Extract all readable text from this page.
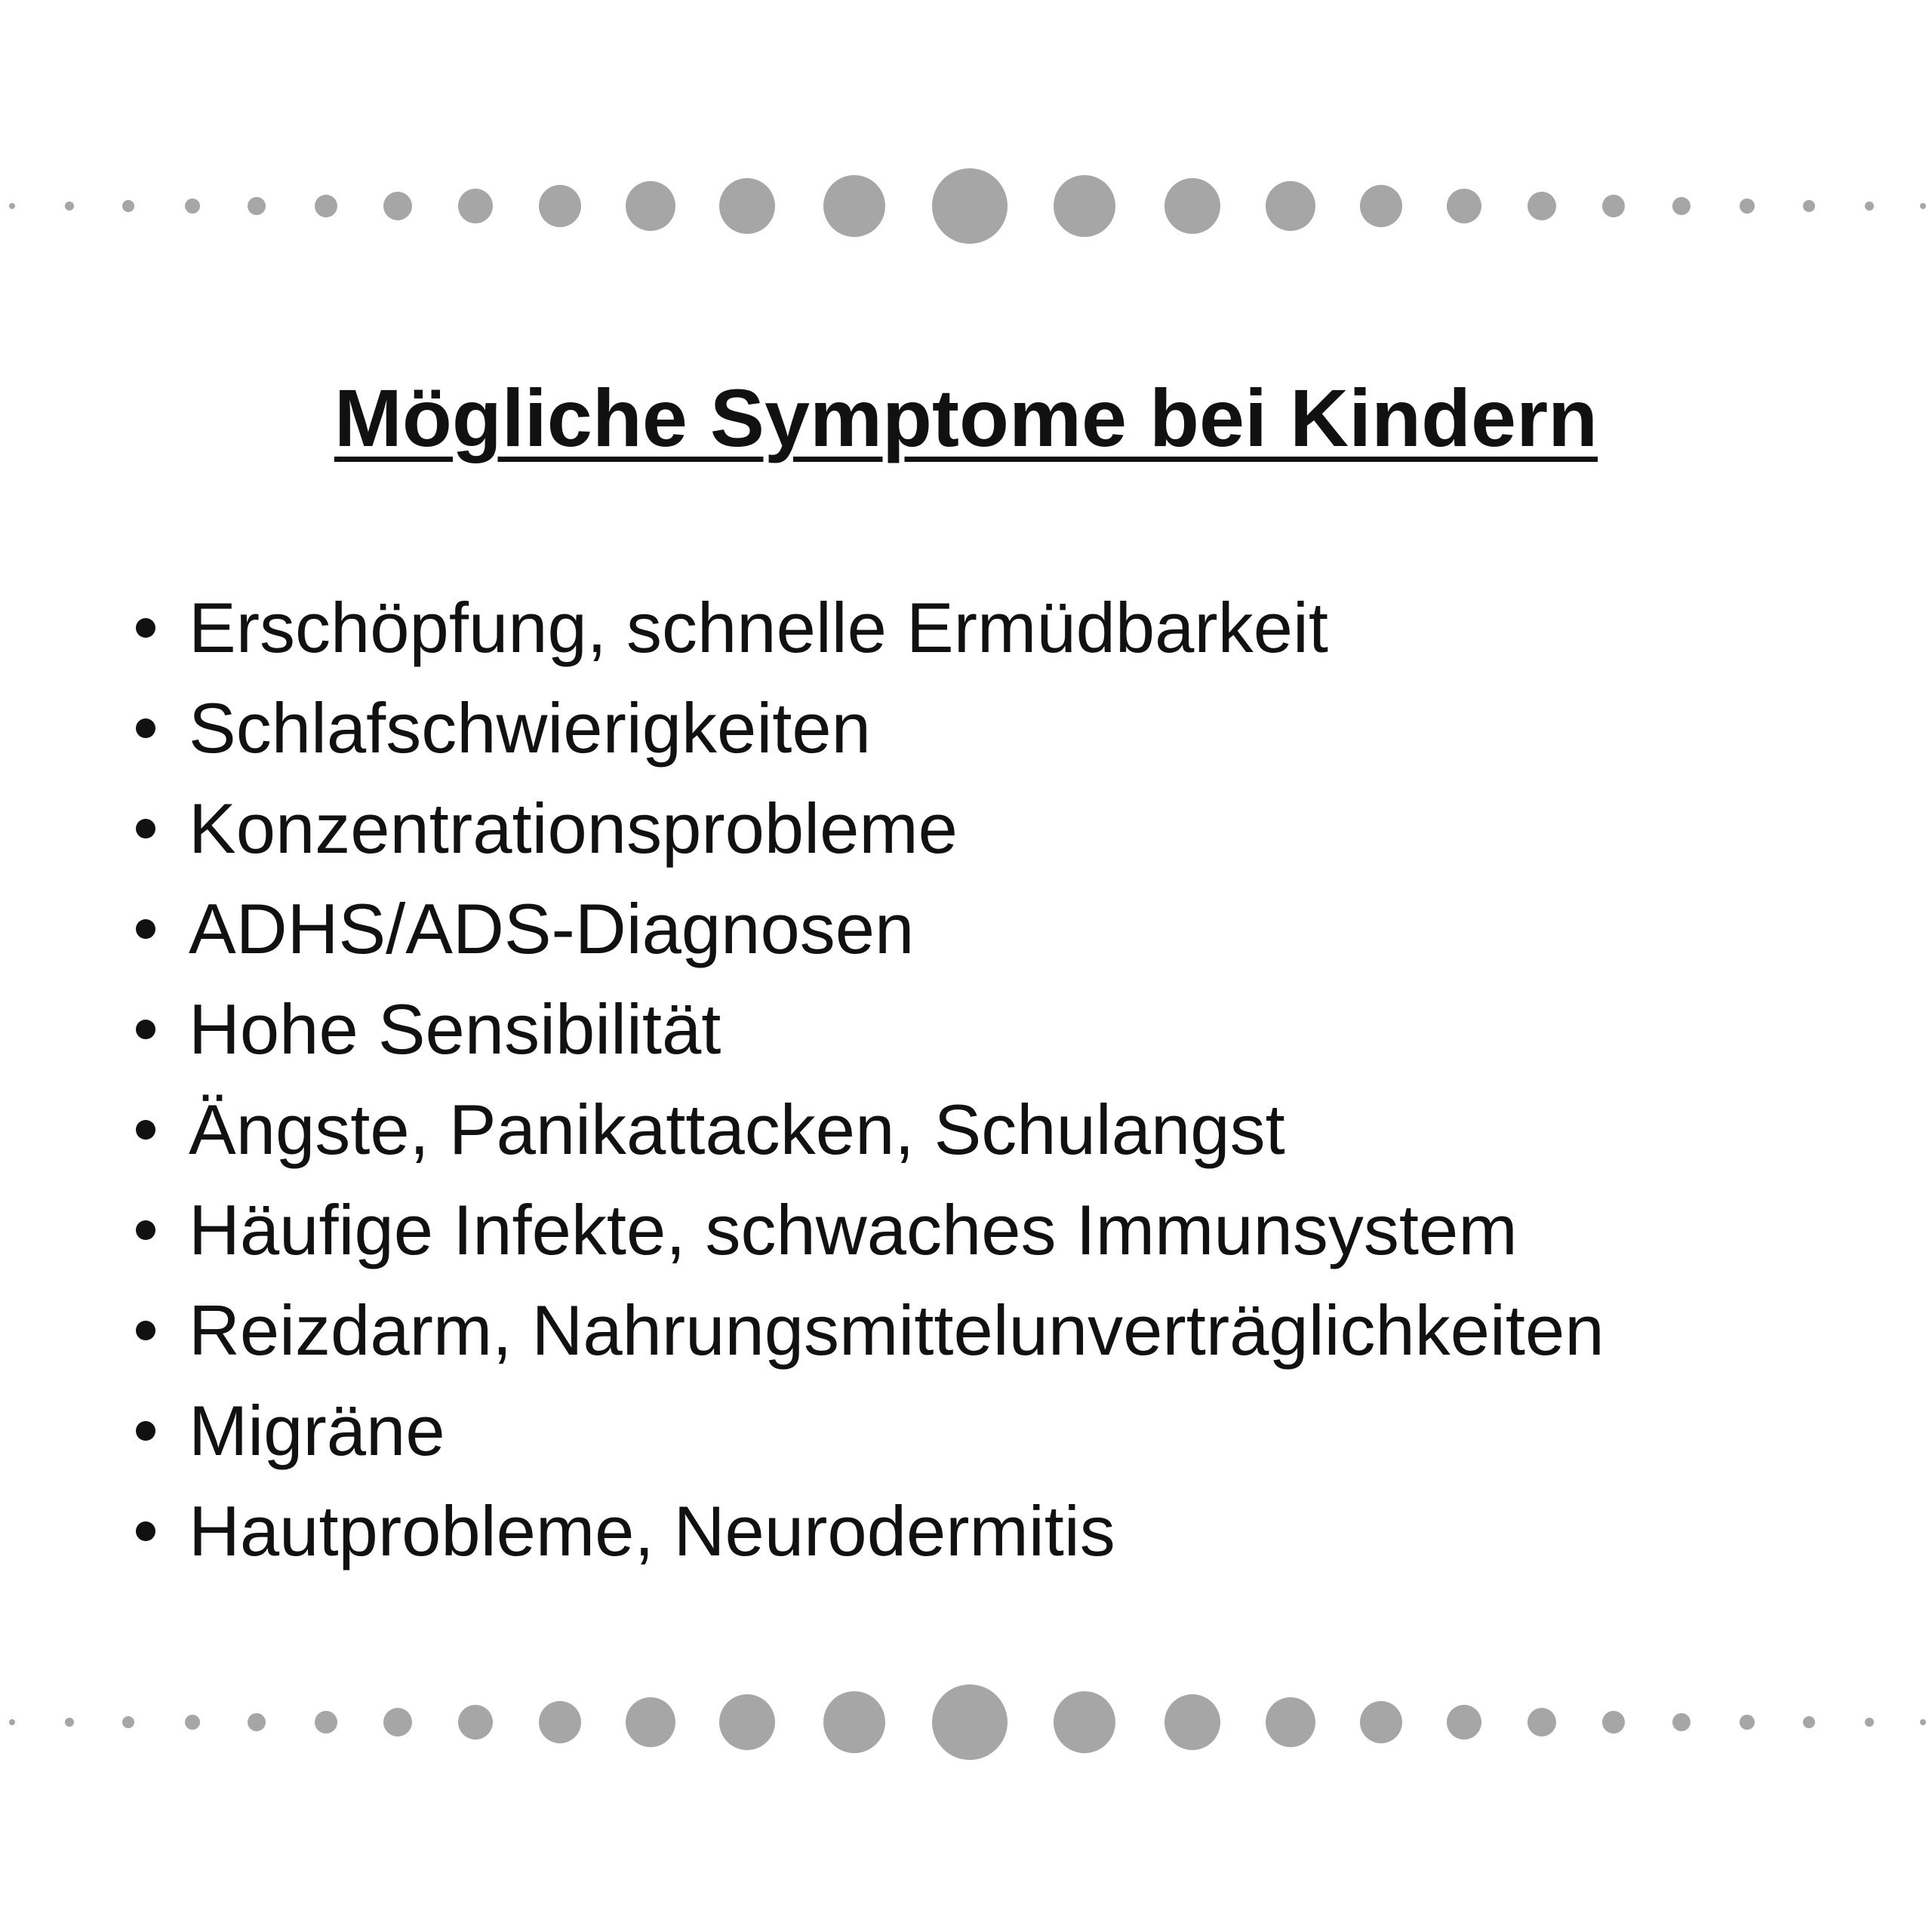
Mögliche Symptome bei Kindern
Erschöpfung, schnelle Ermüdbarkeit
Schlafschwierigkeiten
Konzentrationsprobleme
ADHS/ADS-Diagnosen
Hohe Sensibilität
Ängste, Panikattacken, Schulangst
Häufige Infekte, schwaches Immunsystem
Reizdarm, Nahrungsmittelunverträglichkeiten
Migräne
Hautprobleme, Neurodermitis
